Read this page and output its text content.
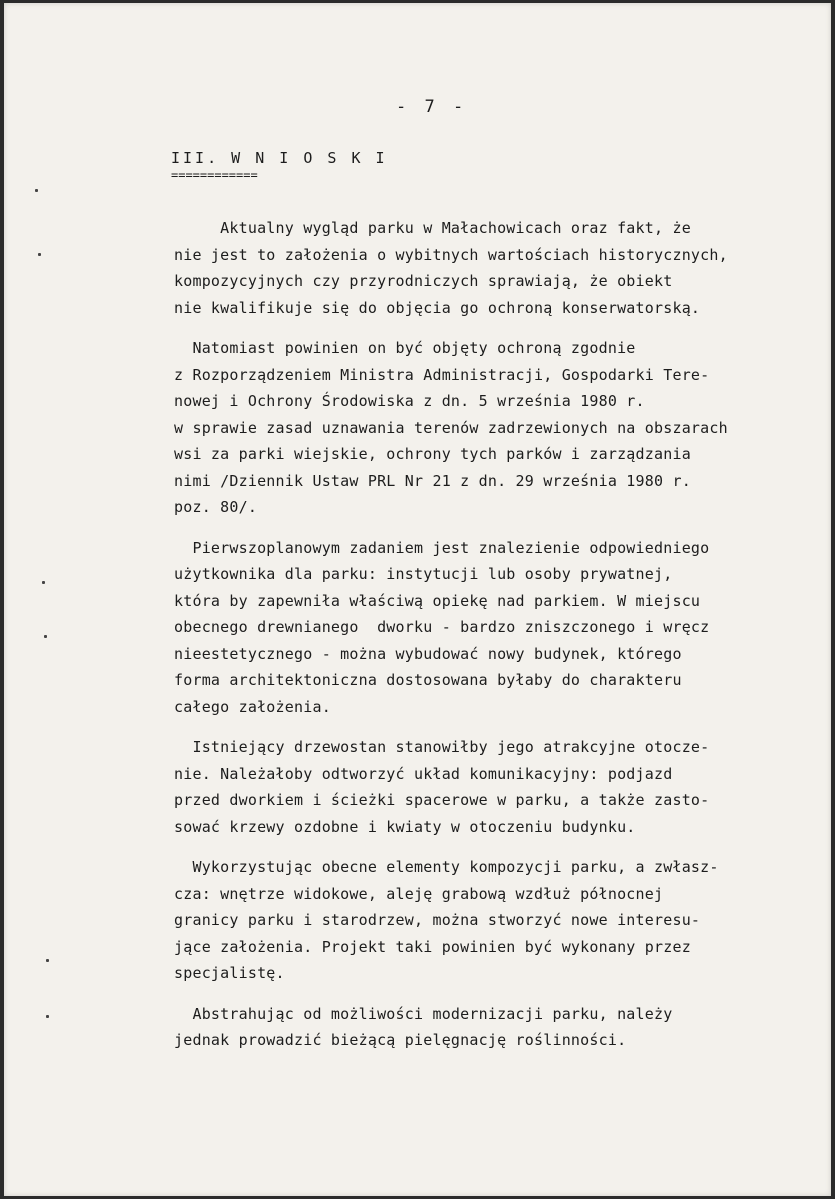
- 7 -
III. W N I O S K I
============
Aktualny wygląd parku w Małachowicach oraz fakt, że
nie jest to założenia o wybitnych wartościach historycznych,
kompozycyjnych czy przyrodniczych sprawiają, że obiekt
nie kwalifikuje się do objęcia go ochroną konserwatorską.
Natomiast powinien on być objęty ochroną zgodnie
z Rozporządzeniem Ministra Administracji, Gospodarki Tere-
nowej i Ochrony Środowiska z dn. 5 września 1980 r.
w sprawie zasad uznawania terenów zadrzewionych na obszarach
wsi za parki wiejskie, ochrony tych parków i zarządzania
nimi /Dziennik Ustaw PRL Nr 21 z dn. 29 września 1980 r.
poz. 80/.
Pierwszoplanowym zadaniem jest znalezienie odpowiedniego
użytkownika dla parku: instytucji lub osoby prywatnej,
która by zapewniła właściwą opiekę nad parkiem. W miejscu
obecnego drewnianego  dworku - bardzo zniszczonego i wręcz
nieestetycznego - można wybudować nowy budynek, którego
forma architektoniczna dostosowana byłaby do charakteru
całego założenia.
Istniejący drzewostan stanowiłby jego atrakcyjne otocze-
nie. Należałoby odtworzyć układ komunikacyjny: podjazd
przed dworkiem i ścieżki spacerowe w parku, a także zasto-
sować krzewy ozdobne i kwiaty w otoczeniu budynku.
Wykorzystując obecne elementy kompozycji parku, a zwłasz-
cza: wnętrze widokowe, aleję grabową wzdłuż północnej
granicy parku i starodrzew, można stworzyć nowe interesu-
jące założenia. Projekt taki powinien być wykonany przez
specjalistę.
Abstrahując od możliwości modernizacji parku, należy
jednak prowadzić bieżącą pielęgnację roślinności.
